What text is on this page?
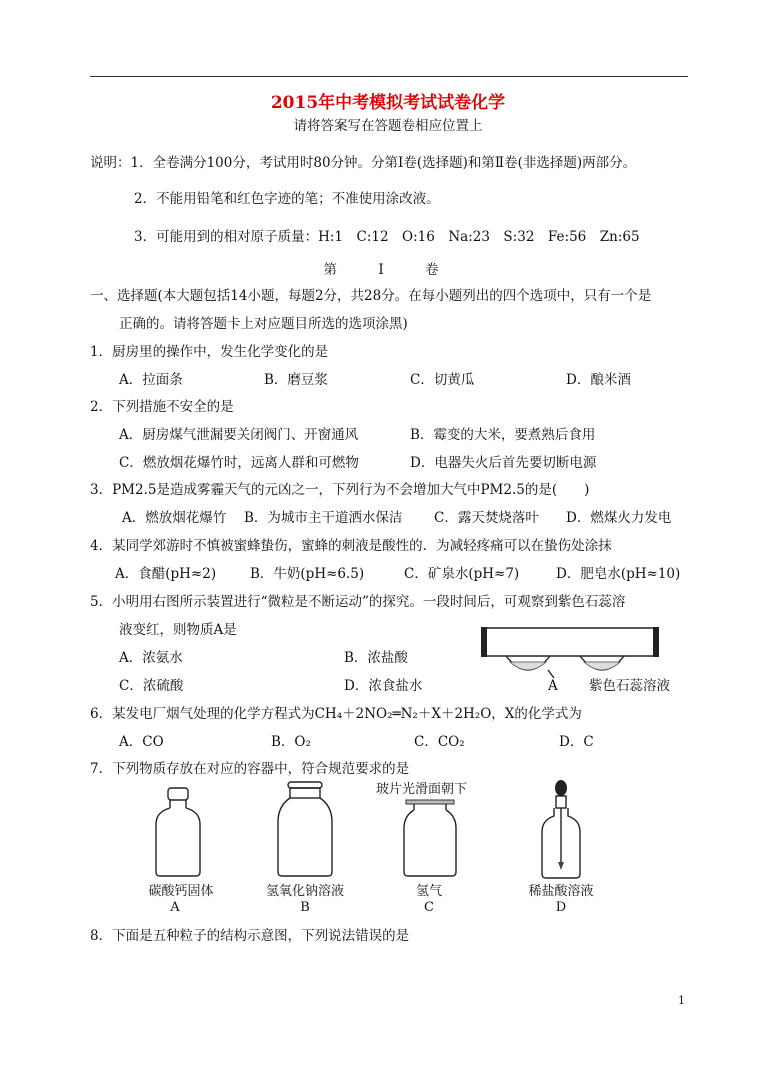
2015年中考模拟考试试卷化学
请将答案写在答题卷相应位置上
说明：1．全卷满分100分，考试用时80分钟。分第Ⅰ卷(选择题)和第Ⅱ卷(非选择题)两部分。
2．不能用铅笔和红色字迹的笔；不准使用涂改液。
3．可能用到的相对原子质量：H:1　C:12　O:16　Na:23　S:32　Fe:56　Zn:65
第　Ⅰ　卷
一、选择题(本大题包括14小题，每题2分，共28分。在每小题列出的四个选项中，只有一个是
正确的。请将答题卡上对应题目所选的选项涂黑)
1．厨房里的操作中，发生化学变化的是
A．拉面条	B．磨豆浆	C．切黄瓜	D．酿米酒
2．下列措施不安全的是
A．厨房煤气泄漏要关闭阀门、开窗通风	B．霉变的大米，要煮熟后食用
C．燃放烟花爆竹时，远离人群和可燃物	D．电器失火后首先要切断电源
3．PM2.5是造成雾霾天气的元凶之一，下列行为不会增加大气中PM2.5的是(　　)
A．燃放烟花爆竹 B．为城市主干道洒水保洁 C．露天焚烧落叶 D．燃煤火力发电
4．某同学郊游时不慎被蜜蜂蛰伤，蜜蜂的刺液是酸性的．为减轻疼痛可以在蛰伤处涂抹
A．食醋(pH≈2)	B．牛奶(pH≈6.5)	C．矿泉水(pH≈7)	D．肥皂水(pH≈10)
5．小明用右图所示装置进行“微粒是不断运动”的探究。一段时间后，可观察到紫色石蕊溶
液变红，则物质A是
A．浓氨水	B．浓盐酸
C．浓硫酸	D．浓食盐水	A 紫色石蕊溶液
6．某发电厂烟气处理的化学方程式为CH₄＋2NO₂═N₂＋X＋2H₂O，X的化学式为
A．CO	B．O₂	C．CO₂	D．C
7．下列物质存放在对应的容器中，符合规范要求的是
玻片光滑面朝下
碳酸钙固体	氢氧化钠溶液	氢气	稀盐酸溶液
A	B	C	D
8．下面是五种粒子的结构示意图，下列说法错误的是
1
